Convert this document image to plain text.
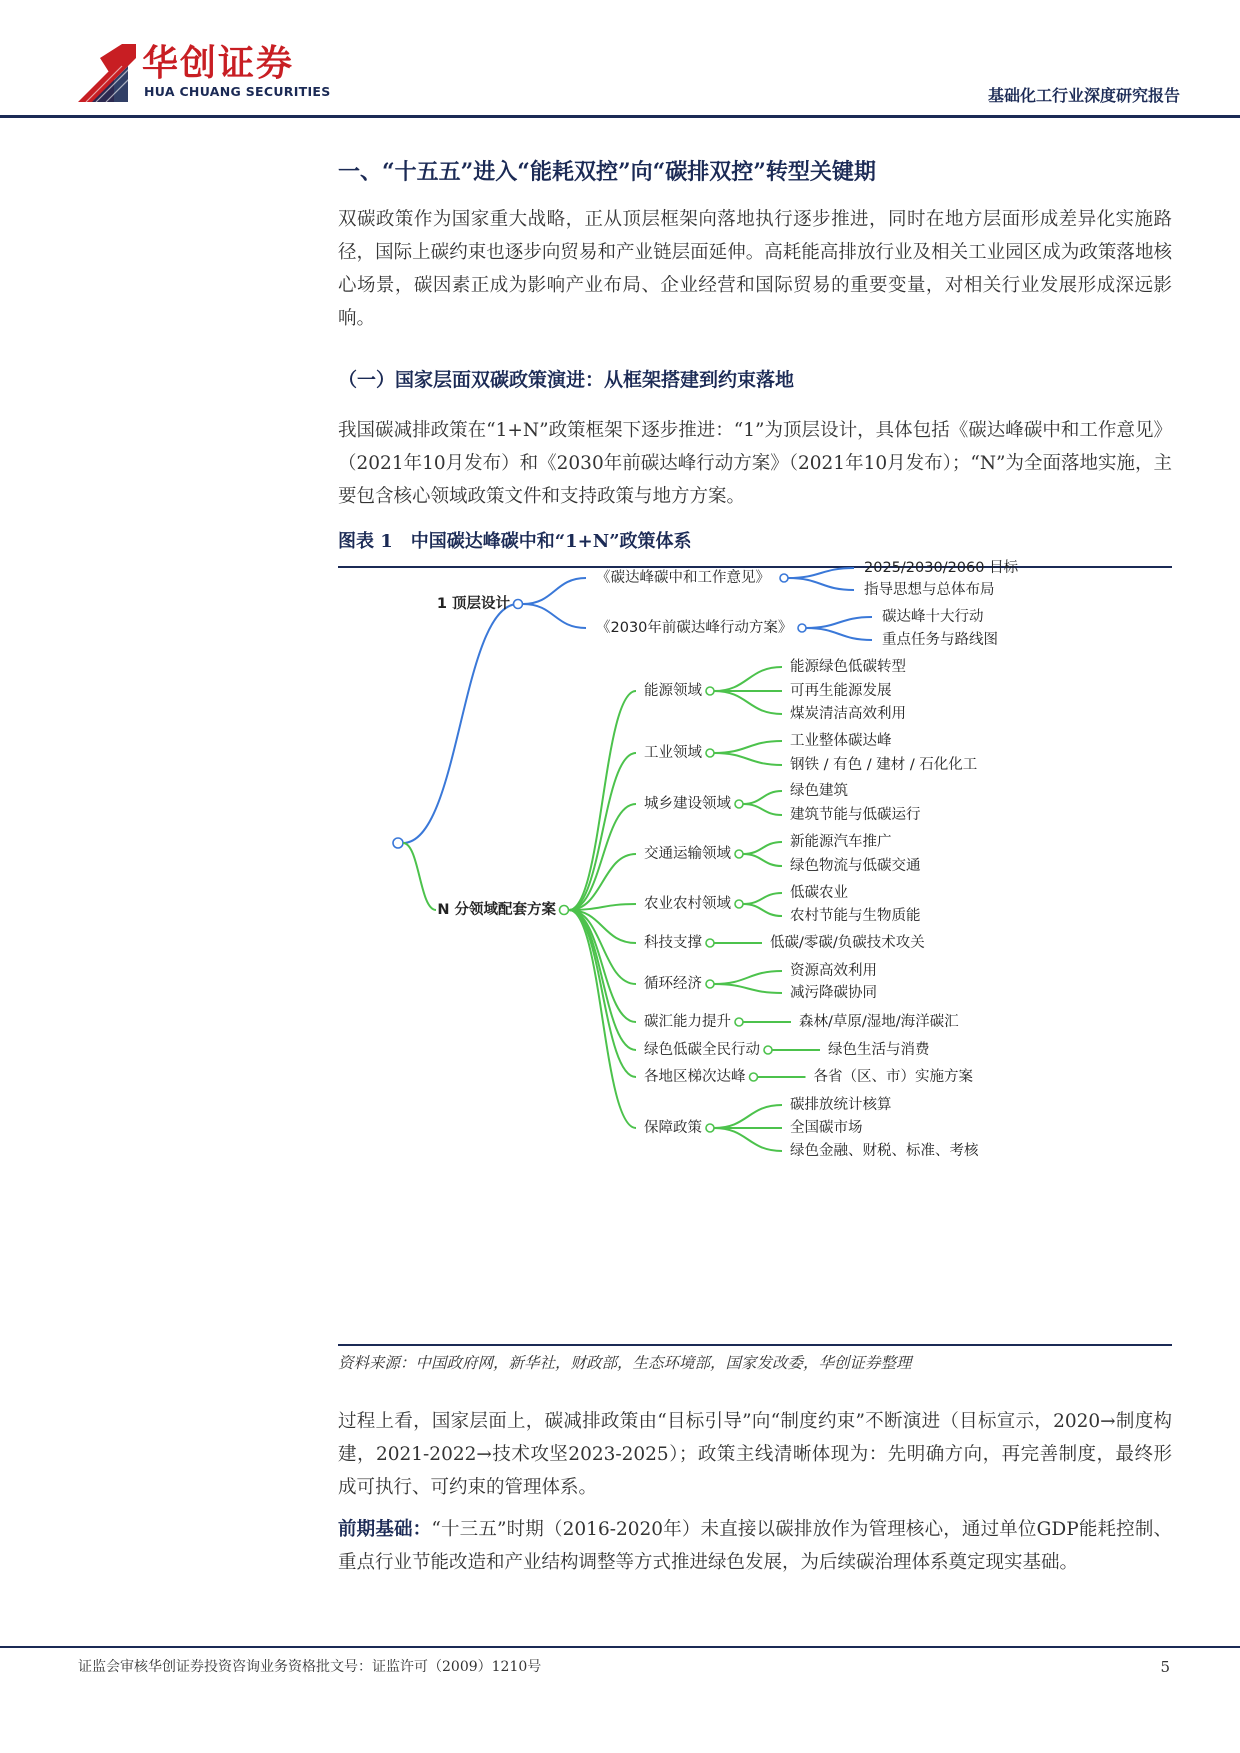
华创证券
HUA CHUANG SECURITIES	基础化工行业深度研究报告
一、“十五五”进入“能耗双控”向“碳排双控”转型关键期
双碳政策作为国家重大战略，正从顶层框架向落地执行逐步推进，同时在地方层面形成差异化实施路径，国际上碳约束也逐步向贸易和产业链层面延伸。高耗能高排放行业及相关工业园区成为政策落地核心场景，碳因素正成为影响产业布局、企业经营和国际贸易的重要变量，对相关行业发展形成深远影响。
（一）国家层面双碳政策演进：从框架搭建到约束落地
我国碳减排政策在“1+N”政策框架下逐步推进：“1”为顶层设计，具体包括《碳达峰碳中和工作意见》（2021年10月发布）和《2030年前碳达峰行动方案》（2021年10月发布）；“N”为全面落地实施，主要包含核心领域政策文件和支持政策与地方方案。
图表 1　中国碳达峰碳中和“1+N”政策体系
1 顶层设计
《碳达峰碳中和工作意见》
2025/2030/2060 目标
指导思想与总体布局
《2030年前碳达峰行动方案》
碳达峰十大行动
重点任务与路线图
N 分领域配套方案
能源领域
能源绿色低碳转型
可再生能源发展
煤炭清洁高效利用
工业领域
工业整体碳达峰
钢铁 / 有色 / 建材 / 石化化工
城乡建设领域
绿色建筑
建筑节能与低碳运行
交通运输领域
新能源汽车推广
绿色物流与低碳交通
农业农村领域
低碳农业
农村节能与生物质能
科技支撑	低碳/零碳/负碳技术攻关
循环经济
资源高效利用
减污降碳协同
碳汇能力提升	森林/草原/湿地/海洋碳汇
绿色低碳全民行动	绿色生活与消费
各地区梯次达峰	各省（区、市）实施方案
保障政策
碳排放统计核算
全国碳市场
绿色金融、财税、标准、考核
资料来源：中国政府网，新华社，财政部，生态环境部，国家发改委，华创证券整理
过程上看，国家层面上，碳减排政策由“目标引导”向“制度约束”不断演进（目标宣示，2020→制度构建，2021-2022→技术攻坚2023-2025）；政策主线清晰体现为：先明确方向，再完善制度，最终形成可执行、可约束的管理体系。
前期基础：“十三五”时期（2016-2020年）未直接以碳排放作为管理核心，通过单位GDP能耗控制、重点行业节能改造和产业结构调整等方式推进绿色发展，为后续碳治理体系奠定现实基础。
证监会审核华创证券投资咨询业务资格批文号：证监许可（2009）1210号	5
